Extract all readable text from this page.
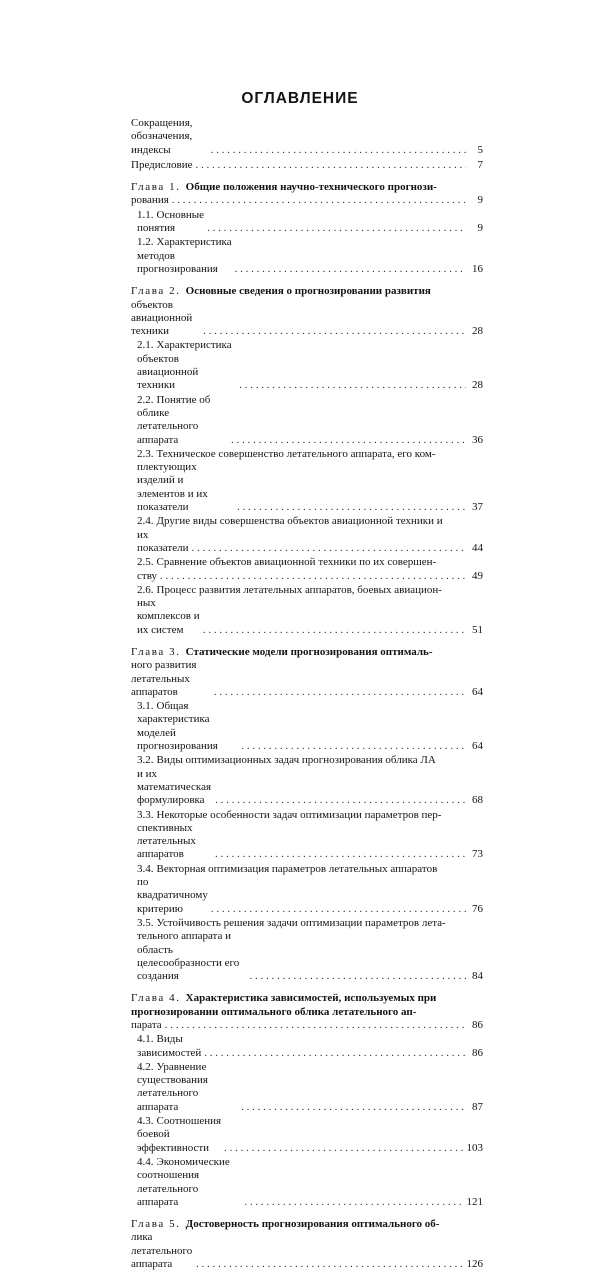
ОГЛАВЛЕНИЕ
Сокращения, обозначения, индексы . . .	5
Предисловие . . .	7
Глава 1. Общие положения научно-технического прогнози-
рования . . .	9
1.1. Основные понятия . . .	9
1.2. Характеристика методов прогнозирования . . .	16
Глава 2. Основные сведения о прогнозировании развития
объектов авиационной техники . . .	28
2.1. Характеристика объектов авиационной техники . . .	28
2.2. Понятие об облике летательного аппарата . . .	36
2.3. Техническое совершенство летательного аппарата, его ком-
плектующих изделий и элементов и их показатели . . .	37
2.4. Другие виды совершенства объектов авиационной техники и
их показатели . . .	44
2.5. Сравнение объектов авиационной техники по их совершен-
ству . . .	49
2.6. Процесс развития летательных аппаратов, боевых авиацион-
ных комплексов и их систем . . .	51
Глава 3. Статические модели прогнозирования оптималь-
ного развития летательных аппаратов . . .	64
3.1. Общая характеристика моделей прогнозирования . . .	64
3.2. Виды оптимизационных задач прогнозирования облика ЛА
и их математическая формулировка . . .	68
3.3. Некоторые особенности задач оптимизации параметров пер-
спективных летательных аппаратов . . .	73
3.4. Векторная оптимизация параметров летательных аппаратов
по квадратичному критерию . . .	76
3.5. Устойчивость решения задачи оптимизации параметров лета-
тельного аппарата и область целесообразности его создания . . .	84
Глава 4. Характеристика зависимостей, используемых при
прогнозировании оптимального облика летательного ап-
парата . . .	86
4.1. Виды зависимостей . . .	86
4.2. Уравнение существования летательного аппарата . . .	87
4.3. Соотношения боевой эффективности . . .	103
4.4. Экономические соотношения летательного аппарата . . .	121
Глава 5. Достоверность прогнозирования оптимального об-
лика летательного аппарата . . .	126
